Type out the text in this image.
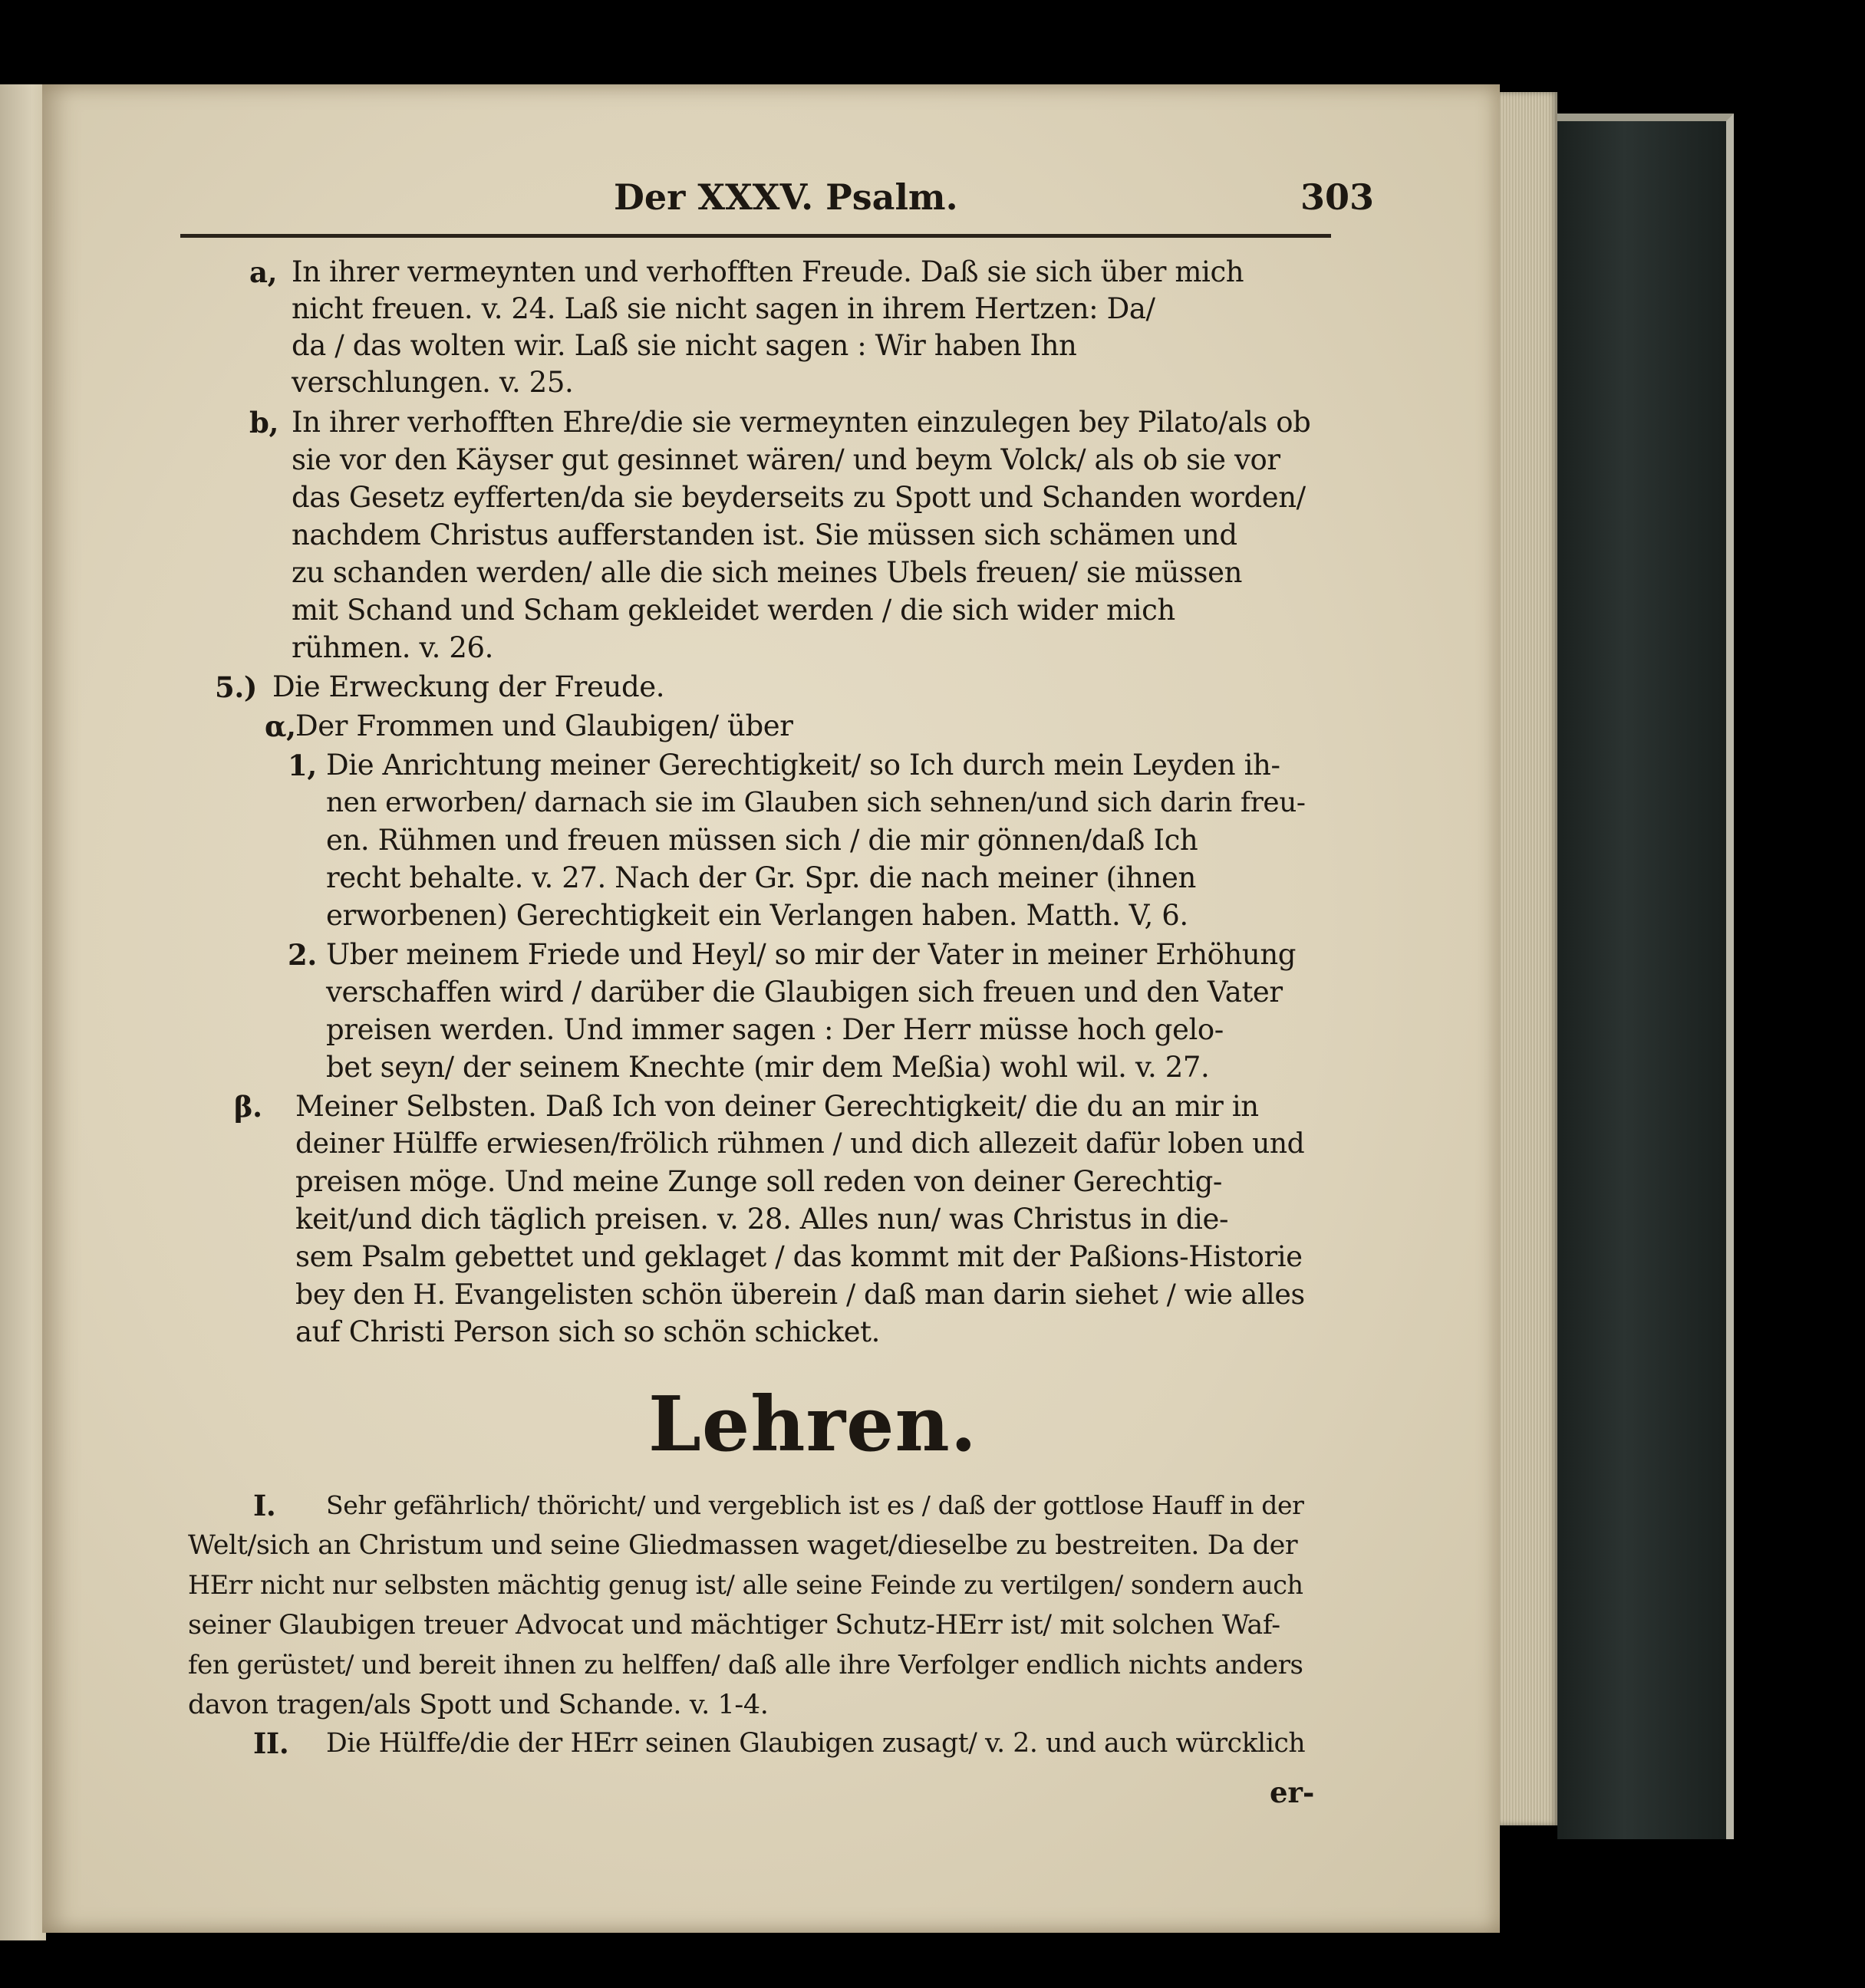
Der XXXV. Psalm.	303
Lehren.
er-
a, In ihrer vermeynten und verhofften Freude. Daß sie sich über mich
nicht freuen. v. 24. Laß sie nicht sagen in ihrem Hertzen: Da/
da / das wolten wir. Laß sie nicht sagen : Wir haben Ihn
verschlungen. v. 25.
b, In ihrer verhofften Ehre/die sie vermeynten einzulegen bey Pilato/als ob
sie vor den Käyser gut gesinnet wären/ und beym Volck/ als ob sie vor
das Gesetz eyfferten/da sie beyderseits zu Spott und Schanden worden/
nachdem Christus aufferstanden ist. Sie müssen sich schämen und
zu schanden werden/ alle die sich meines Ubels freuen/ sie müssen
mit Schand und Scham gekleidet werden / die sich wider mich
rühmen. v. 26.
5.) Die Erweckung der Freude.
α, Der Frommen und Glaubigen/ über
1, Die Anrichtung meiner Gerechtigkeit/ so Ich durch mein Leyden ih-
nen erworben/ darnach sie im Glauben sich sehnen/und sich darin freu-
en. Rühmen und freuen müssen sich / die mir gönnen/daß Ich
recht behalte. v. 27. Nach der Gr. Spr. die nach meiner (ihnen
erworbenen) Gerechtigkeit ein Verlangen haben. Matth. V, 6.
2. Uber meinem Friede und Heyl/ so mir der Vater in meiner Erhöhung
verschaffen wird / darüber die Glaubigen sich freuen und den Vater
preisen werden. Und immer sagen : Der Herr müsse hoch gelo-
bet seyn/ der seinem Knechte (mir dem Meßia) wohl wil. v. 27.
β. Meiner Selbsten. Daß Ich von deiner Gerechtigkeit/ die du an mir in
deiner Hülffe erwiesen/frölich rühmen / und dich allezeit dafür loben und
preisen möge. Und meine Zunge soll reden von deiner Gerechtig-
keit/und dich täglich preisen. v. 28. Alles nun/ was Christus in die-
sem Psalm gebettet und geklaget / das kommt mit der Paßions-Historie
bey den H. Evangelisten schön überein / daß man darin siehet / wie alles
auf Christi Person sich so schön schicket.
I. Sehr gefährlich/ thöricht/ und vergeblich ist es / daß der gottlose Hauff in der
Welt/sich an Christum und seine Gliedmassen waget/dieselbe zu bestreiten. Da der
HErr nicht nur selbsten mächtig genug ist/ alle seine Feinde zu vertilgen/ sondern auch
seiner Glaubigen treuer Advocat und mächtiger Schutz-HErr ist/ mit solchen Waf-
fen gerüstet/ und bereit ihnen zu helffen/ daß alle ihre Verfolger endlich nichts anders
davon tragen/als Spott und Schande. v. 1-4.
II. Die Hülffe/die der HErr seinen Glaubigen zusagt/ v. 2. und auch würcklich
